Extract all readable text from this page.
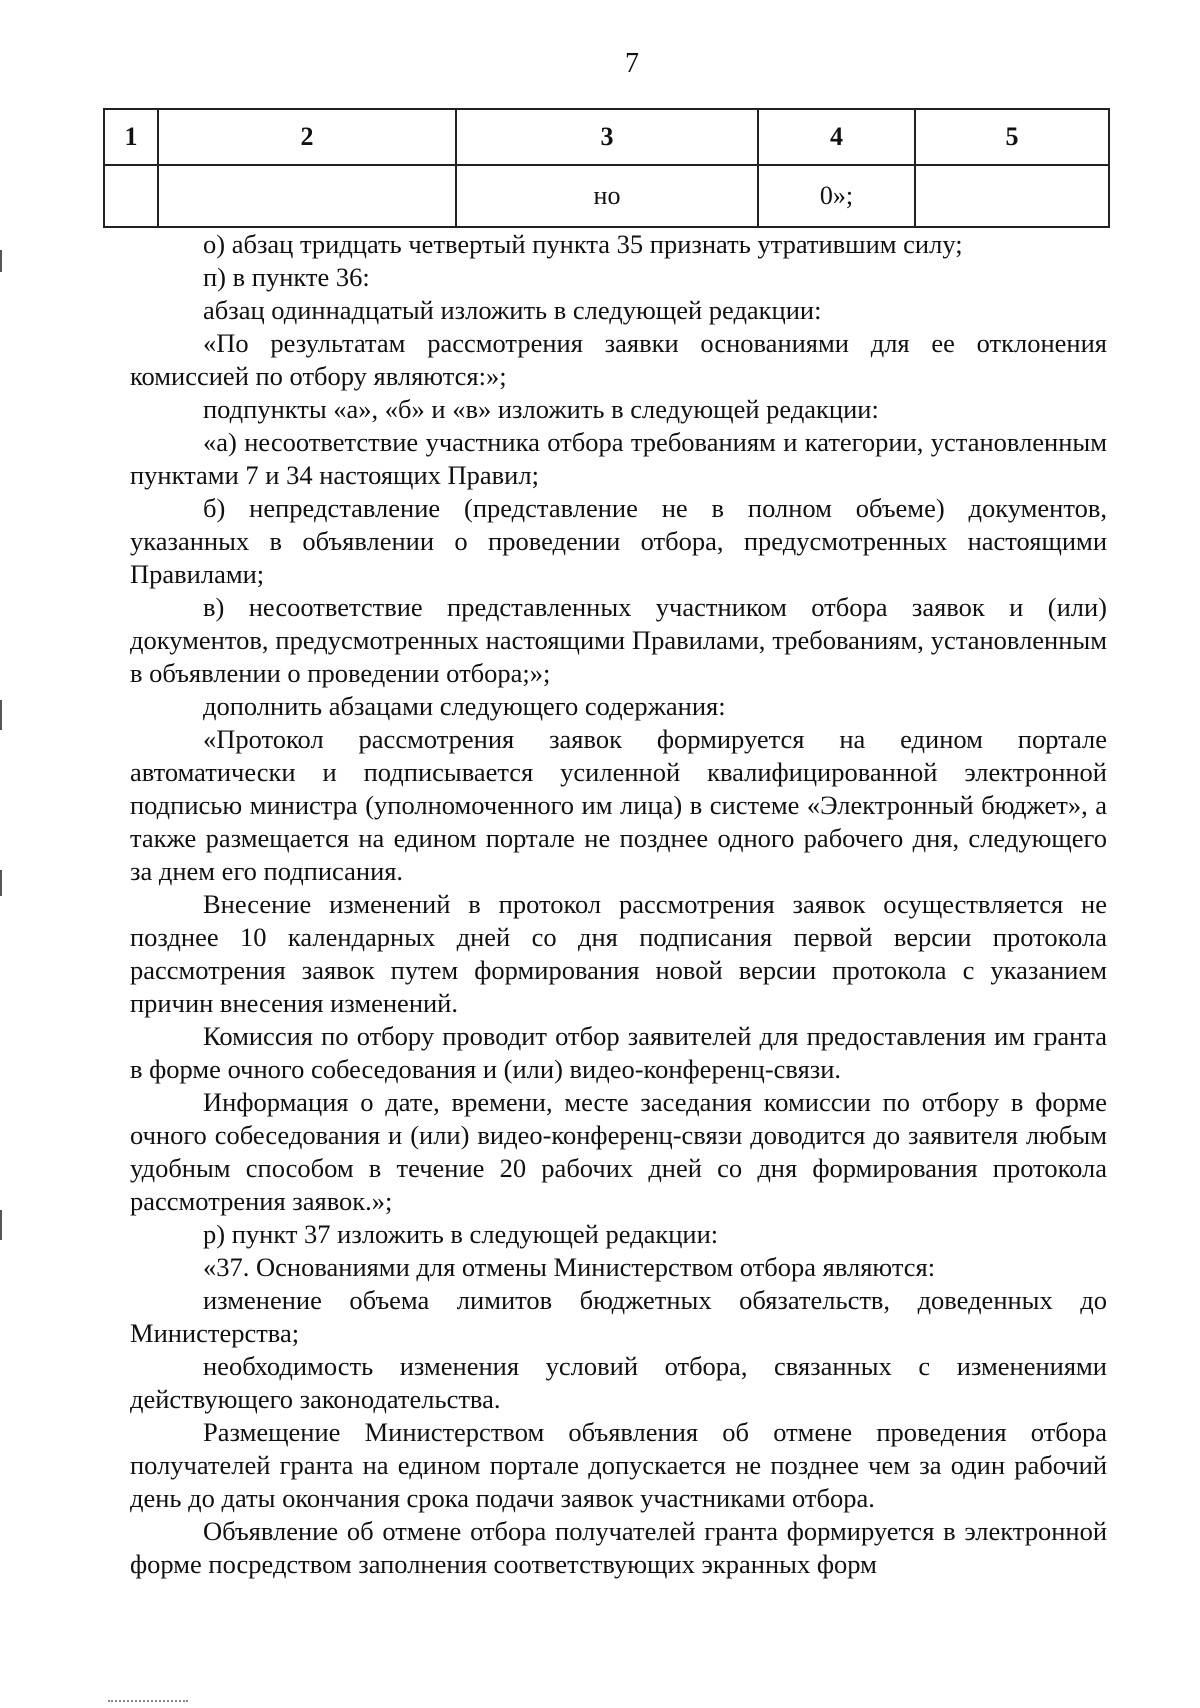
7
1	2	3	4	5
		но	0»;	

о) абзац тридцать четвертый пункта 35 признать утратившим силу;

п) в пункте 36:

абзац одиннадцатый изложить в следующей редакции:

«По результатам рассмотрения заявки основаниями для ее отклонения комиссией по отбору являются:»;

подпункты «а», «б» и «в» изложить в следующей редакции:

«а) несоответствие участника отбора требованиям и категории, установленным пунктами 7 и 34 настоящих Правил;

б) непредставление (представление не в полном объеме) документов, указанных в объявлении о проведении отбора, предусмотренных настоящими Правилами;

в) несоответствие представленных участником отбора заявок и (или) документов, предусмотренных настоящими Правилами, требованиям, установленным в объявлении о проведении отбора;»;

дополнить абзацами следующего содержания:

«Протокол рассмотрения заявок формируется на едином портале автоматически и подписывается усиленной квалифицированной электронной подписью министра (уполномоченного им лица) в системе «Электронный бюджет», а также размещается на едином портале не позднее одного рабочего дня, следующего за днем его подписания.

Внесение изменений в протокол рассмотрения заявок осуществляется не позднее 10 календарных дней со дня подписания первой версии протокола рассмотрения заявок путем формирования новой версии протокола с указанием причин внесения изменений.

Комиссия по отбору проводит отбор заявителей для предоставления им гранта в форме очного собеседования и (или) видео-конференц-связи.

Информация о дате, времени, месте заседания комиссии по отбору в форме очного собеседования и (или) видео-конференц-связи доводится до заявителя любым удобным способом в течение 20 рабочих дней со дня формирования протокола рассмотрения заявок.»;

р) пункт 37 изложить в следующей редакции:

«37. Основаниями для отмены Министерством отбора являются:

изменение объема лимитов бюджетных обязательств, доведенных до Министерства;

необходимость изменения условий отбора, связанных с изменениями действующего законодательства.

Размещение Министерством объявления об отмене проведения отбора получателей гранта на едином портале допускается не позднее чем за один рабочий день до даты окончания срока подачи заявок участниками отбора.

Объявление об отмене отбора получателей гранта формируется в электронной форме посредством заполнения соответствующих экранных форм
